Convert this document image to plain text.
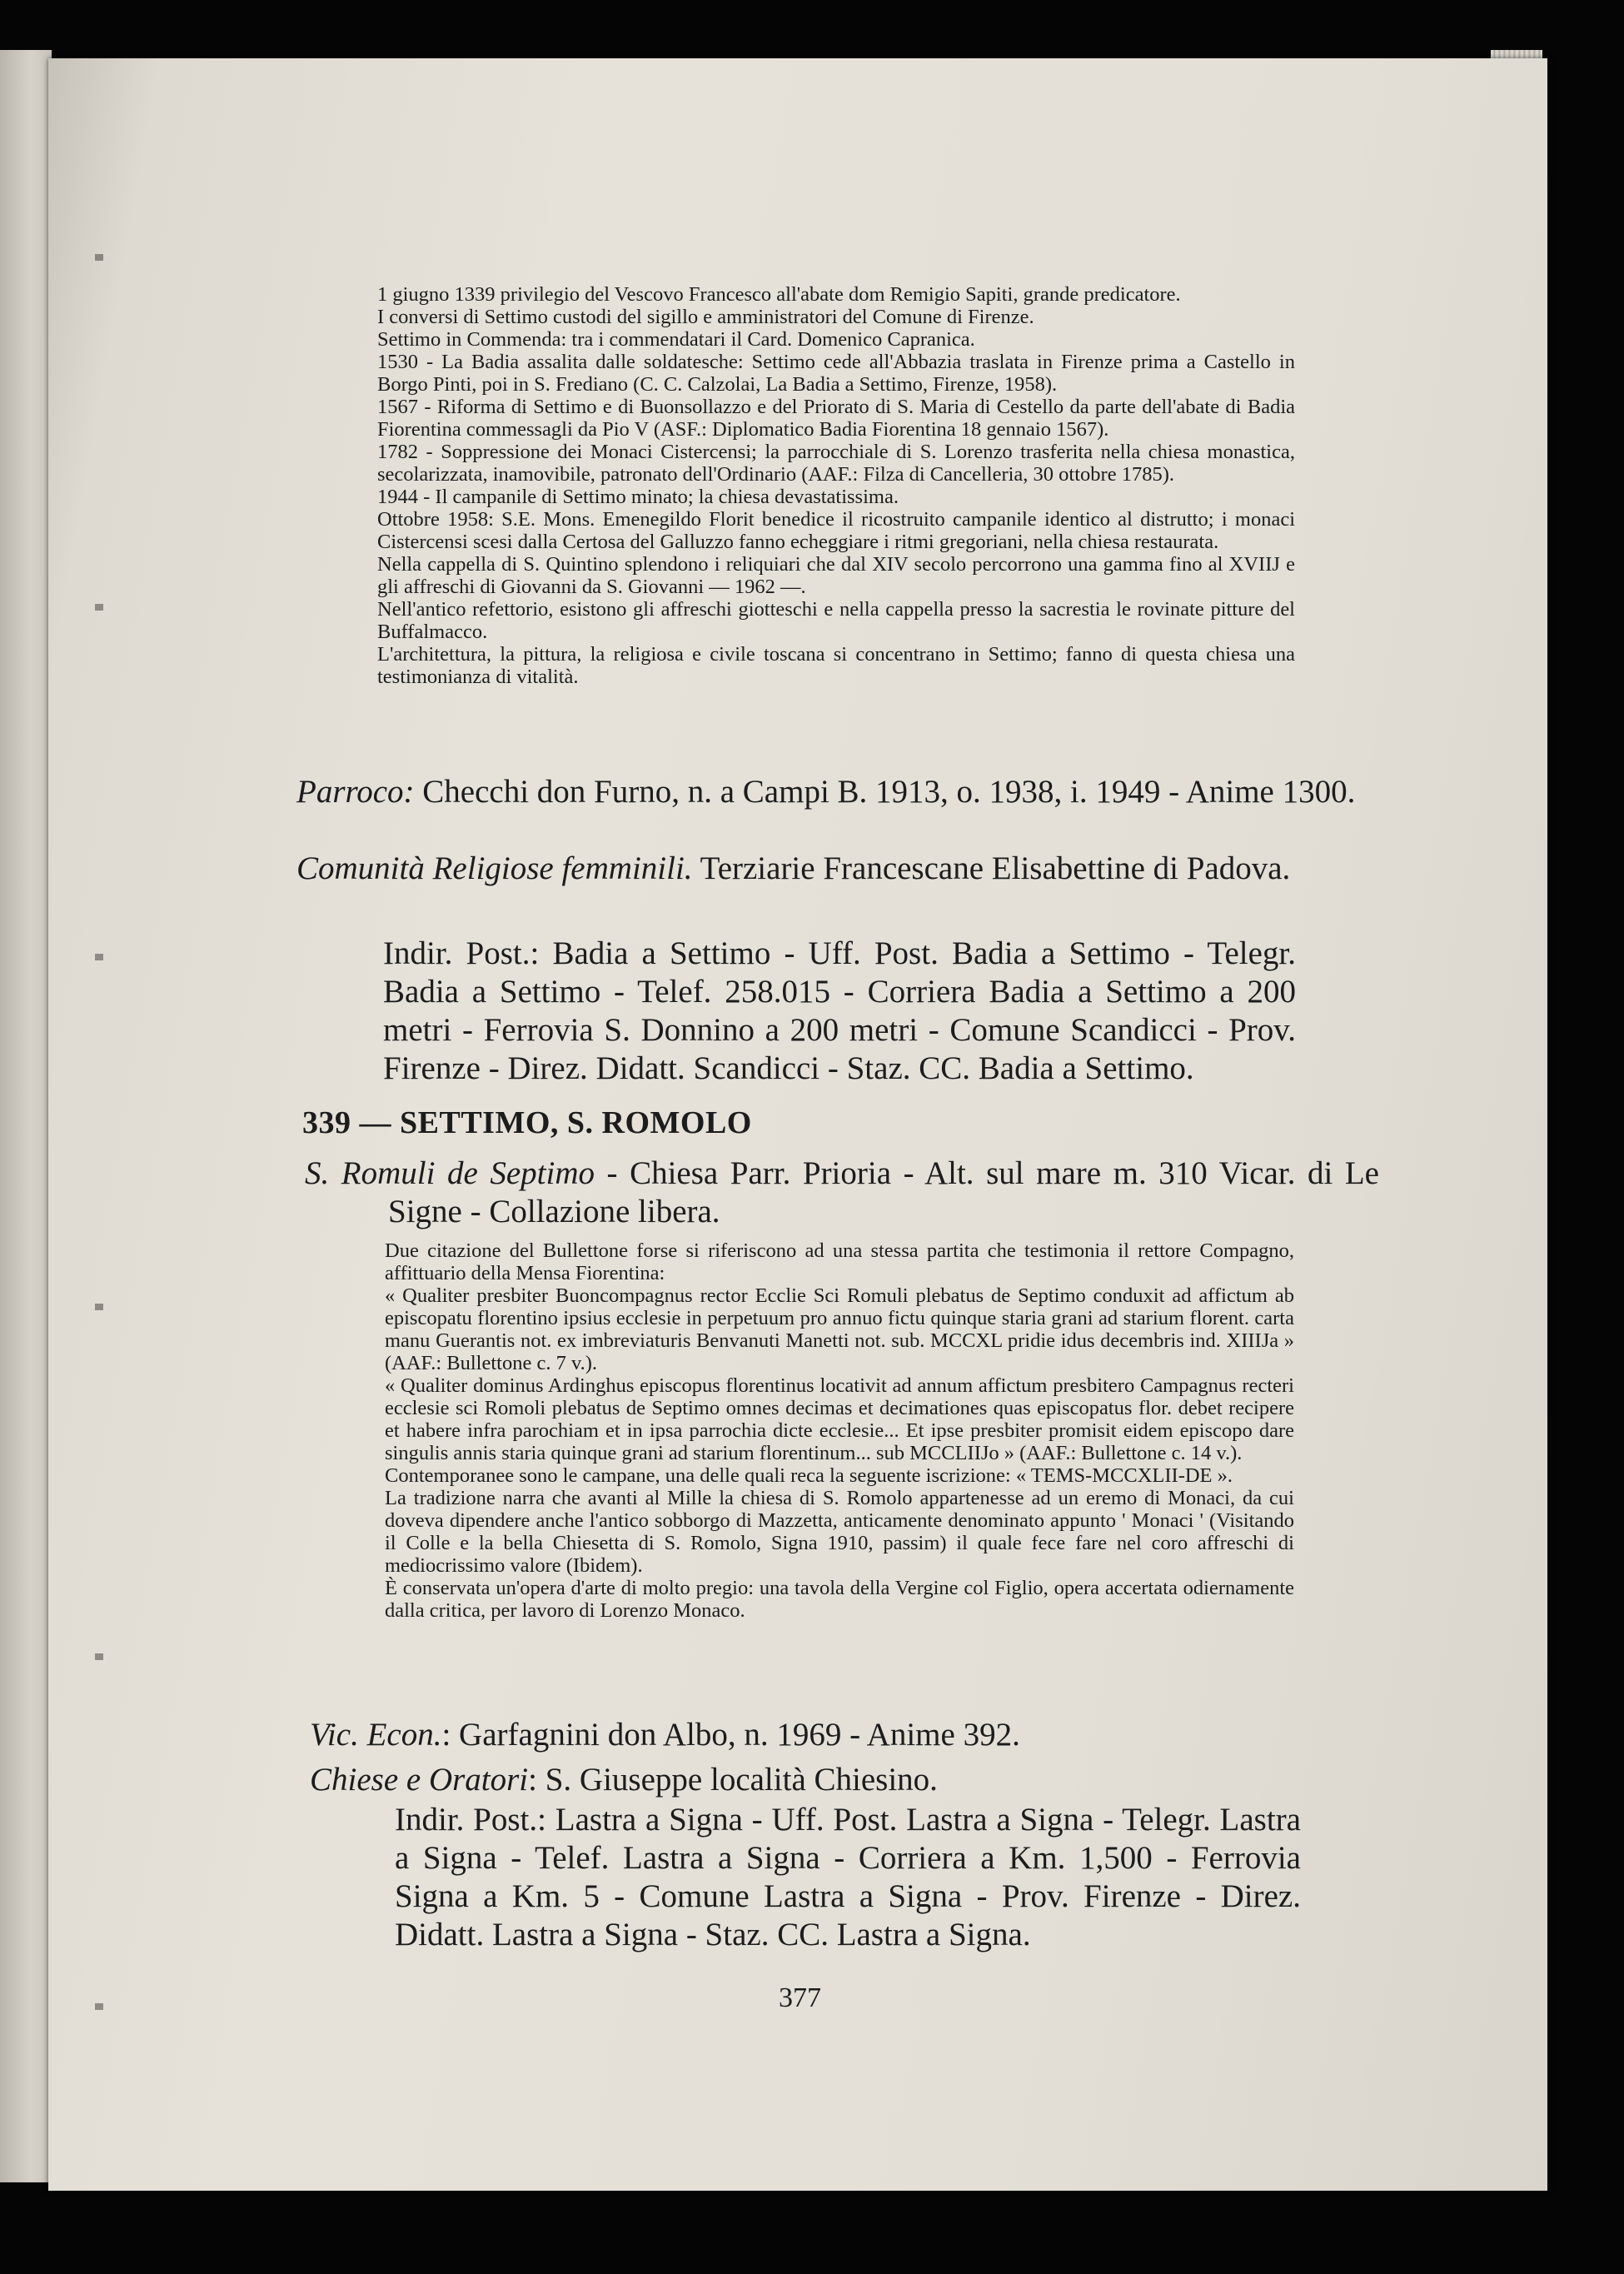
1 giugno 1339 privilegio del Vescovo Francesco all'abate dom Remigio Sapiti, grande predicatore.

I conversi di Settimo custodi del sigillo e amministratori del Comune di Firenze.

Settimo in Commenda: tra i commendatari il Card. Domenico Capranica.

1530 - La Badia assalita dalle soldatesche: Settimo cede all'Abbazia traslata in Firenze prima a Castello in Borgo Pinti, poi in S. Frediano (C. C. Calzolai, La Badia a Settimo, Firenze, 1958).

1567 - Riforma di Settimo e di Buonsollazzo e del Priorato di S. Maria di Cestello da parte dell'abate di Badia Fiorentina commessagli da Pio V (ASF.: Diplomatico Badia Fiorentina 18 gennaio 1567).

1782 - Soppressione dei Monaci Cistercensi; la parrocchiale di S. Lorenzo trasferita nella chiesa monastica, secolarizzata, inamovibile, patronato dell'Ordinario (AAF.: Filza di Cancelleria, 30 ottobre 1785).

1944 - Il campanile di Settimo minato; la chiesa devastatissima.

Ottobre 1958: S.E. Mons. Emenegildo Florit benedice il ricostruito campanile identico al distrutto; i monaci Cistercensi scesi dalla Certosa del Galluzzo fanno echeggiare i ritmi gregoriani, nella chiesa restaurata.

Nella cappella di S. Quintino splendono i reliquiari che dal XIV secolo percorrono una gamma fino al XVIIJ e gli affreschi di Giovanni da S. Giovanni — 1962 —.

Nell'antico refettorio, esistono gli affreschi giotteschi e nella cappella presso la sacrestia le rovinate pitture del Buffalmacco.

L'architettura, la pittura, la religiosa e civile toscana si concentrano in Settimo; fanno di questa chiesa una testimonianza di vitalità.

Parroco: Checchi don Furno, n. a Campi B. 1913, o. 1938, i. 1949 - Anime 1300.
Comunità Religiose femminili. Terziarie Francescane Elisabettine di Padova.

Indir. Post.: Badia a Settimo - Uff. Post. Badia a Settimo - Telegr. Badia a Settimo - Telef. 258.015 - Corriera Badia a Settimo a 200 metri - Ferrovia S. Donnino a 200 metri - Comune Scandicci - Prov. Firenze - Direz. Didatt. Scandicci - Staz. CC. Badia a Settimo.

339 — SETTIMO, S. ROMOLO
S. Romuli de Septimo - Chiesa Parr. Prioria - Alt. sul mare m. 310 Vicar. di Le Signe - Collazione libera.

Due citazione del Bullettone forse si riferiscono ad una stessa partita che testimonia il rettore Compagno, affittuario della Mensa Fiorentina:

« Qualiter presbiter Buoncompagnus rector Ecclie Sci Romuli plebatus de Septimo conduxit ad affictum ab episcopatu florentino ipsius ecclesie in perpetuum pro annuo fictu quinque staria grani ad starium florent. carta manu Guerantis not. ex imbreviaturis Benvanuti Manetti not. sub. MCCXL pridie idus decembris ind. XIIIJa » (AAF.: Bullettone c. 7 v.).

« Qualiter dominus Ardinghus episcopus florentinus locativit ad annum affictum presbitero Campagnus recteri ecclesie sci Romoli plebatus de Septimo omnes decimas et decimationes quas episcopatus flor. debet recipere et habere infra parochiam et in ipsa parrochia dicte ecclesie... Et ipse presbiter promisit eidem episcopo dare singulis annis staria quinque grani ad starium florentinum... sub MCCLIIJo » (AAF.: Bullettone c. 14 v.).

Contemporanee sono le campane, una delle quali reca la seguente iscrizione: « TEMS-MCCXLII-DE ».

La tradizione narra che avanti al Mille la chiesa di S. Romolo appartenesse ad un eremo di Monaci, da cui doveva dipendere anche l'antico sobborgo di Mazzetta, anticamente denominato appunto ' Monaci ' (Visitando il Colle e la bella Chiesetta di S. Romolo, Signa 1910, passim) il quale fece fare nel coro affreschi di mediocrissimo valore (Ibidem).

È conservata un'opera d'arte di molto pregio: una tavola della Vergine col Figlio, opera accertata odiernamente dalla critica, per lavoro di Lorenzo Monaco.

Vic. Econ.: Garfagnini don Albo, n. 1969 - Anime 392.
Chiese e Oratori: S. Giuseppe località Chiesino.

Indir. Post.: Lastra a Signa - Uff. Post. Lastra a Signa - Telegr. Lastra a Signa - Telef. Lastra a Signa - Corriera a Km. 1,500 - Ferrovia Signa a Km. 5 - Comune Lastra a Signa - Prov. Firenze - Direz. Didatt. Lastra a Signa - Staz. CC. Lastra a Signa.

377
